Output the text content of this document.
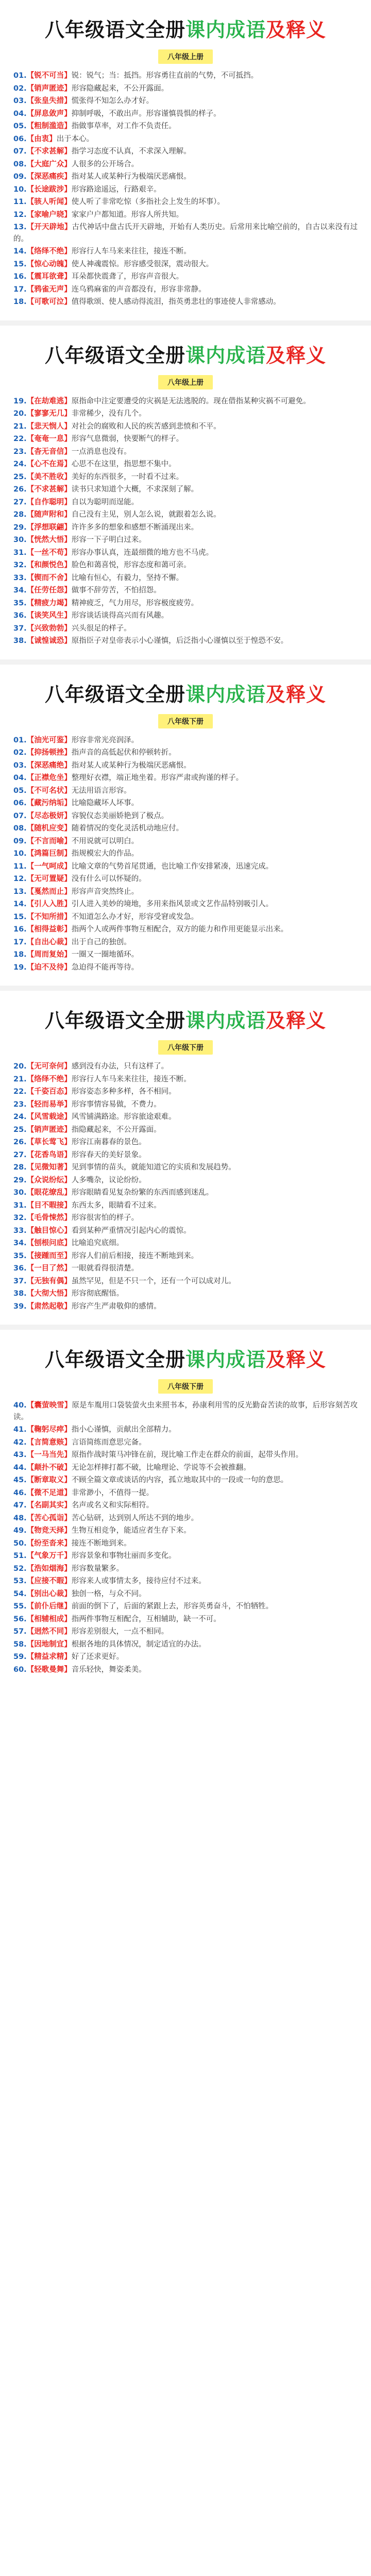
八年级语文全册课内成语及释义
八年级上册
01.【锐不可当】锐：锐气；当：抵挡。形容勇往直前的气势，不可抵挡。
02.【销声匿迹】形容隐藏起来，不公开露面。
03.【张皇失措】慌张得不知怎么办才好。
04.【屏息敛声】抑制呼吸，不敢出声。形容谨慎畏惧的样子。
05.【粗制滥造】指做事草率，对工作不负责任。
06.【由衷】出于本心。
07.【不求甚解】指学习态度不认真，不求深入理解。
08.【大庭广众】人很多的公开场合。
09.【深恶痛疾】指对某人或某种行为极端厌恶痛恨。
10.【长途跋涉】形容路途遥远，行路艰辛。
11.【骇人听闻】使人听了非常吃惊（多指社会上发生的坏事）。
12.【家喻户晓】家家户户都知道。形容人所共知。
13.【开天辟地】古代神话中盘古氏开天辟地，开始有人类历史。后常用来比喻空前的，自古以来没有过的。
14.【络绎不绝】形容行人车马来来往往，接连不断。
15.【惊心动魄】使人神魂震惊。形容感受很深，震动很大。
16.【震耳欲聋】耳朵都快震聋了，形容声音很大。
17.【鸦雀无声】连乌鸦麻雀的声音都没有，形容非常静。
18.【可歌可泣】值得歌颂、使人感动得流泪，指英勇悲壮的事迹使人非常感动。
八年级语文全册课内成语及释义
八年级上册
19.【在劫难逃】原指命中注定要遭受的灾祸是无法逃脱的。现在借指某种灾祸不可避免。
20.【寥寥无几】非常稀少，没有几个。
21.【悲天悯人】对社会的腐败和人民的疾苦感到悲愤和不平。
22.【奄奄一息】形容气息微弱，快要断气的样子。
23.【杳无音信】一点消息也没有。
24.【心不在焉】心思不在这里，指思想不集中。
25.【美不胜收】美好的东西很多，一时看不过来。
26.【不求甚解】读书只求知道个大概，不求深刻了解。
27.【自作聪明】自以为聪明而逞能。
28.【随声附和】自己没有主见，别人怎么说，就跟着怎么说。
29.【浮想联翩】许许多多的想象和感想不断涌现出来。
30.【恍然大悟】形容一下子明白过来。
31.【一丝不苟】形容办事认真，连最细微的地方也不马虎。
32.【和颜悦色】脸色和蔼喜悦，形容态度和蔼可亲。
33.【锲而不舍】比喻有恒心，有毅力，坚持不懈。
34.【任劳任怨】做事不辞劳苦，不怕招怨。
35.【精疲力竭】精神疲乏，气力用尽，形容极度疲劳。
36.【谈笑风生】形容谈话谈得高兴而有风趣。
37.【兴致勃勃】兴头很足的样子。
38.【诚惶诚恐】原指臣子对皇帝表示小心谨慎，后泛指小心谨慎以至于惶恐不安。
八年级语文全册课内成语及释义
八年级下册
01.【油光可鉴】形容非常光亮润泽。
02.【抑扬顿挫】指声音的高低起伏和停顿转折。
03.【深恶痛绝】指对某人或某种行为极端厌恶痛恨。
04.【正襟危坐】整理好衣襟，端正地坐着。形容严肃或拘谨的样子。
05.【不可名状】无法用语言形容。
06.【藏污纳垢】比喻隐藏坏人坏事。
07.【尽态极妍】容貌仪态美丽娇艳到了极点。
08.【随机应变】随着情况的变化灵活机动地应付。
09.【不言而喻】不用说就可以明白。
10.【鸿篇巨制】指规模宏大的作品。
11.【一气呵成】比喻文章的气势首尾贯通，也比喻工作安排紧凑，迅速完成。
12.【无可置疑】没有什么可以怀疑的。
13.【戛然而止】形容声音突然终止。
14.【引人入胜】引人进入美妙的境地，多用来指风景或文艺作品特别吸引人。
15.【不知所措】不知道怎么办才好，形容受窘或发急。
16.【相得益彰】指两个人或两件事物互相配合，双方的能力和作用更能显示出来。
17.【自出心裁】出于自己的独创。
18.【周而复始】一圈又一圈地循环。
19.【迫不及待】急迫得不能再等待。
八年级语文全册课内成语及释义
八年级下册
20.【无可奈何】感到没有办法，只有这样了。
21.【络绎不绝】形容行人车马来来往往，接连不断。
22.【千姿百态】形容姿态多种多样，各不相同。
23.【轻而易举】形容事情容易做，不费力。
24.【风雪载途】风雪铺满路途。形容旅途艰难。
25.【销声匿迹】指隐藏起来，不公开露面。
26.【草长莺飞】形容江南暮春的景色。
27.【花香鸟语】形容春天的美好景象。
28.【见微知著】见到事情的苗头，就能知道它的实质和发展趋势。
29.【众说纷纭】人多嘴杂，议论纷纷。
30.【眼花缭乱】形容眼睛看见复杂纷繁的东西而感到迷乱。
31.【目不暇接】东西太多，眼睛看不过来。
32.【毛骨悚然】形容很害怕的样子。
33.【触目惊心】看到某种严重情况引起内心的震惊。
34.【刨根问底】比喻追究底细。
35.【接踵而至】形容人们前后相接，接连不断地到来。
36.【一目了然】一眼就看得很清楚。
37.【无独有偶】虽然罕见，但是不只一个，还有一个可以成对儿。
38.【大彻大悟】形容彻底醒悟。
39.【肃然起敬】形容产生严肃敬仰的感情。
八年级语文全册课内成语及释义
八年级下册
40.【囊萤映雪】原是车胤用口袋装萤火虫来照书本，孙康利用雪的反光勤奋苦读的故事，后形容刻苦攻读。
41.【鞠躬尽瘁】指小心谨慎，贡献出全部精力。
42.【言简意赅】言语简练而意思完备。
43.【一马当先】原指作战时策马冲锋在前，现比喻工作走在群众的前面，起带头作用。
44.【颠扑不破】无论怎样摔打都不破，比喻理论、学说等不会被推翻。
45.【断章取义】不顾全篇文章或谈话的内容，孤立地取其中的一段或一句的意思。
46.【微不足道】非常渺小，不值得一提。
47.【名副其实】名声或名义和实际相符。
48.【苦心孤诣】苦心钻研，达到别人所达不到的地步。
49.【物竞天择】生物互相竞争，能适应者生存下来。
50.【纷至沓来】接连不断地到来。
51.【气象万千】形容景象和事物壮丽而多变化。
52.【浩如烟海】形容数量繁多。
53.【应接不暇】形容来人或事情太多，接待应付不过来。
54.【别出心裁】独创一格，与众不同。
55.【前仆后继】前面的倒下了，后面的紧跟上去，形容英勇奋斗，不怕牺牲。
56.【相辅相成】指两件事物互相配合，互相辅助，缺一不可。
57.【迥然不同】形容差别很大，一点不相同。
58.【因地制宜】根据各地的具体情况，制定适宜的办法。
59.【精益求精】好了还求更好。
60.【轻歌曼舞】音乐轻快，舞姿柔美。
